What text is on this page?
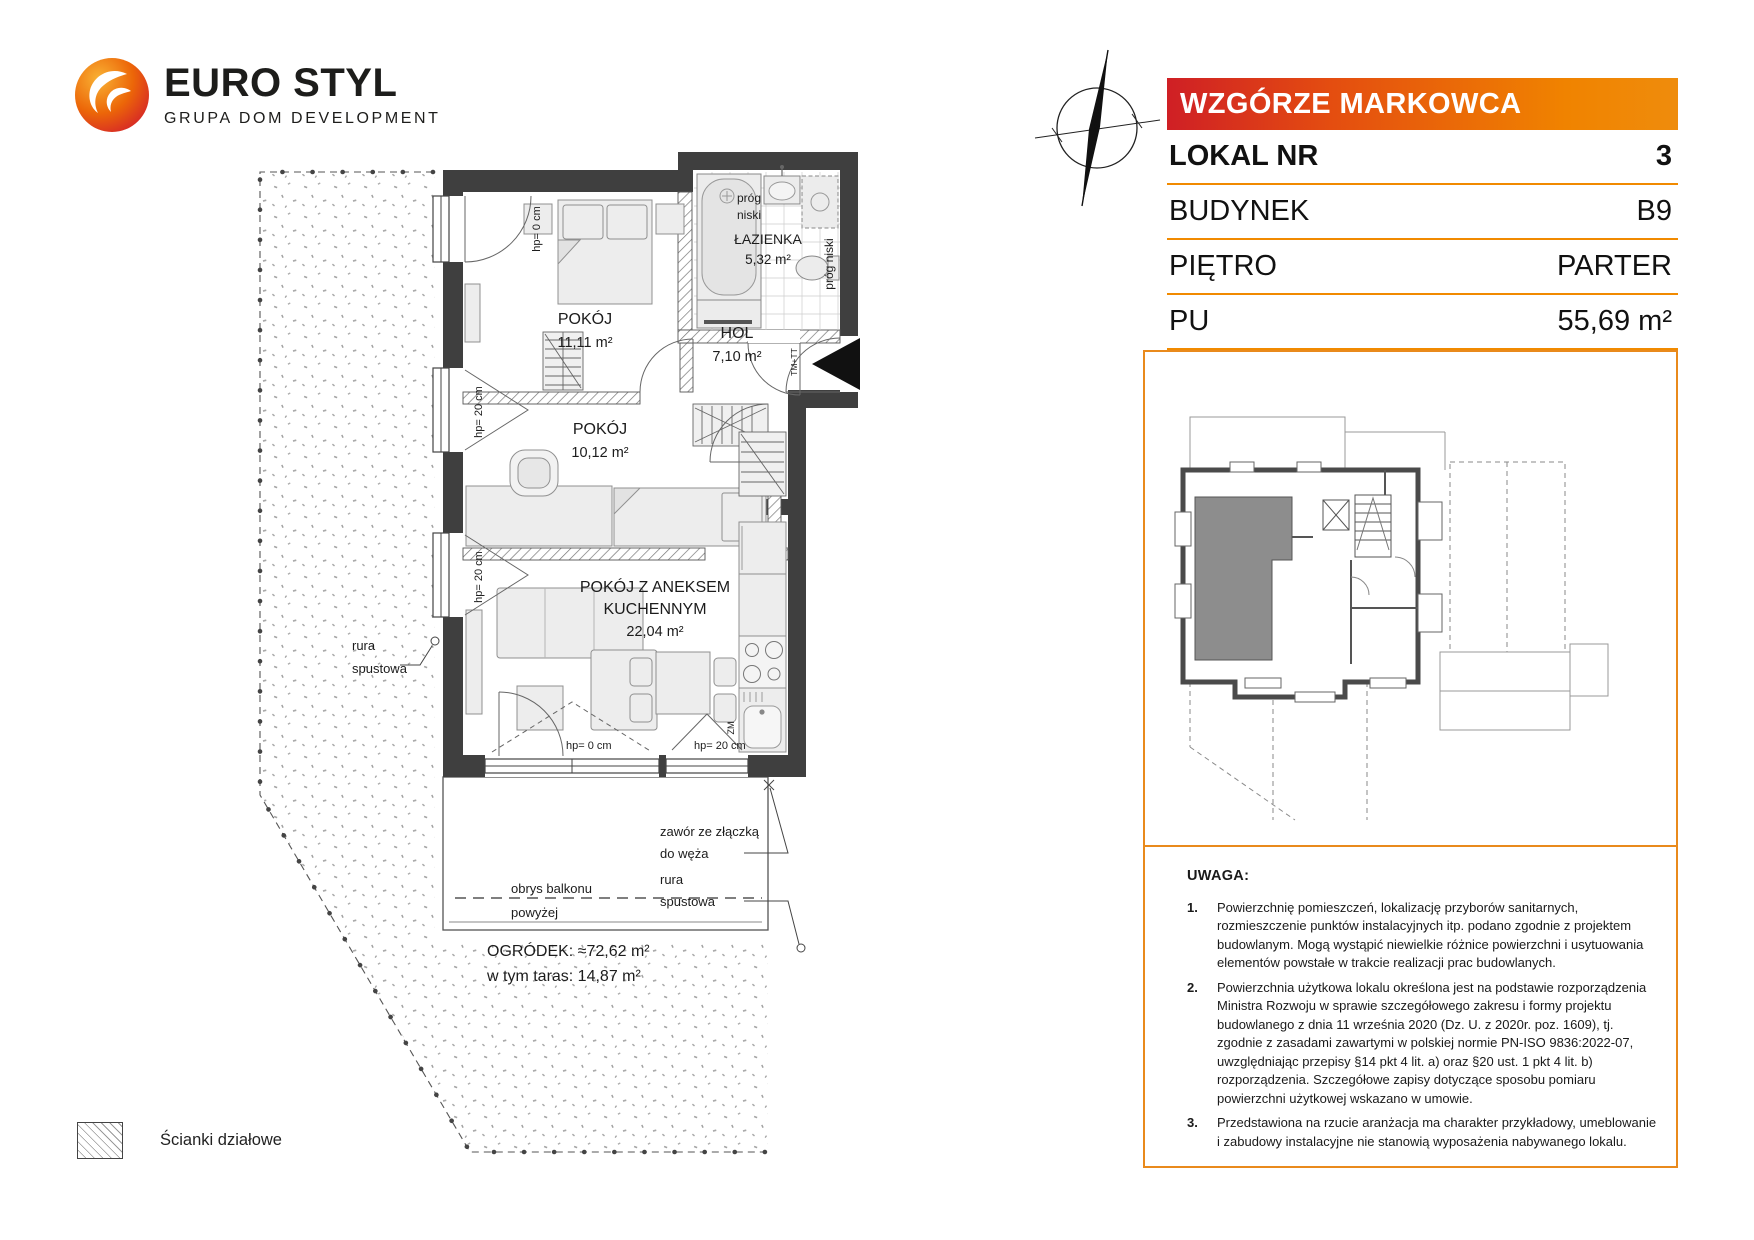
EURO STYL
GRUPA DOM DEVELOPMENT	WZGÓRZE MARKOWCA
LOKAL NR	3
BUDYNEK	B9
PIĘTRO	PARTER
PU	55,69 m²
UWAGA:
1.	Powierzchnię pomieszczeń, lokalizację przyborów sanitarnych, rozmieszczenie punktów instalacyjnych itp. podano zgodnie z projektem budowlanym. Mogą wystąpić niewielkie różnice powierzchni i usytuowania elementów powstałe w trakcie realizacji prac budowlanych.
2.	Powierzchnia użytkowa lokalu określona jest na podstawie rozporządzenia Ministra Rozwoju w sprawie szczegółowego zakresu i formy projektu budowlanego z dnia 11 września 2020 (Dz. U. z 2020r. poz. 1609), tj. zgodnie z zasadami zawartymi w polskiej normie PN-ISO 9836:2022-07, uwzględniając przepisy §14 pkt 4 lit. a) oraz §20 ust. 1 pkt 4 lit. b) rozporządzenia. Szczegółowe zapisy dotyczące sposobu pomiaru powierzchni użytkowej wskazano w umowie.
3.	Przedstawiona na rzucie aranżacja ma charakter przykładowy, umeblowanie i zabudowy instalacyjne nie stanowią wyposażenia nabywanego lokalu.
POKÓJ
11,11 m²
POKÓJ
10,12 m²
HOL
7,10 m²
ŁAZIENKA
5,32 m²
POKÓJ Z ANEKSEM
KUCHENNYM
22,04 m²
OGRÓDEK: ≈72,62 m²
w tym taras: 14,87 m²
obrys balkonu
powyżej
rura
spustowa
zawór ze złączką
do węża
rura
spustowa
hp= 0 cm	hp= 20 cm
hp= 0 cm
hp= 20 cm
hp= 20 cm
próg
niski
próg niski
ZM
TM+TT
Ścianki działowe
